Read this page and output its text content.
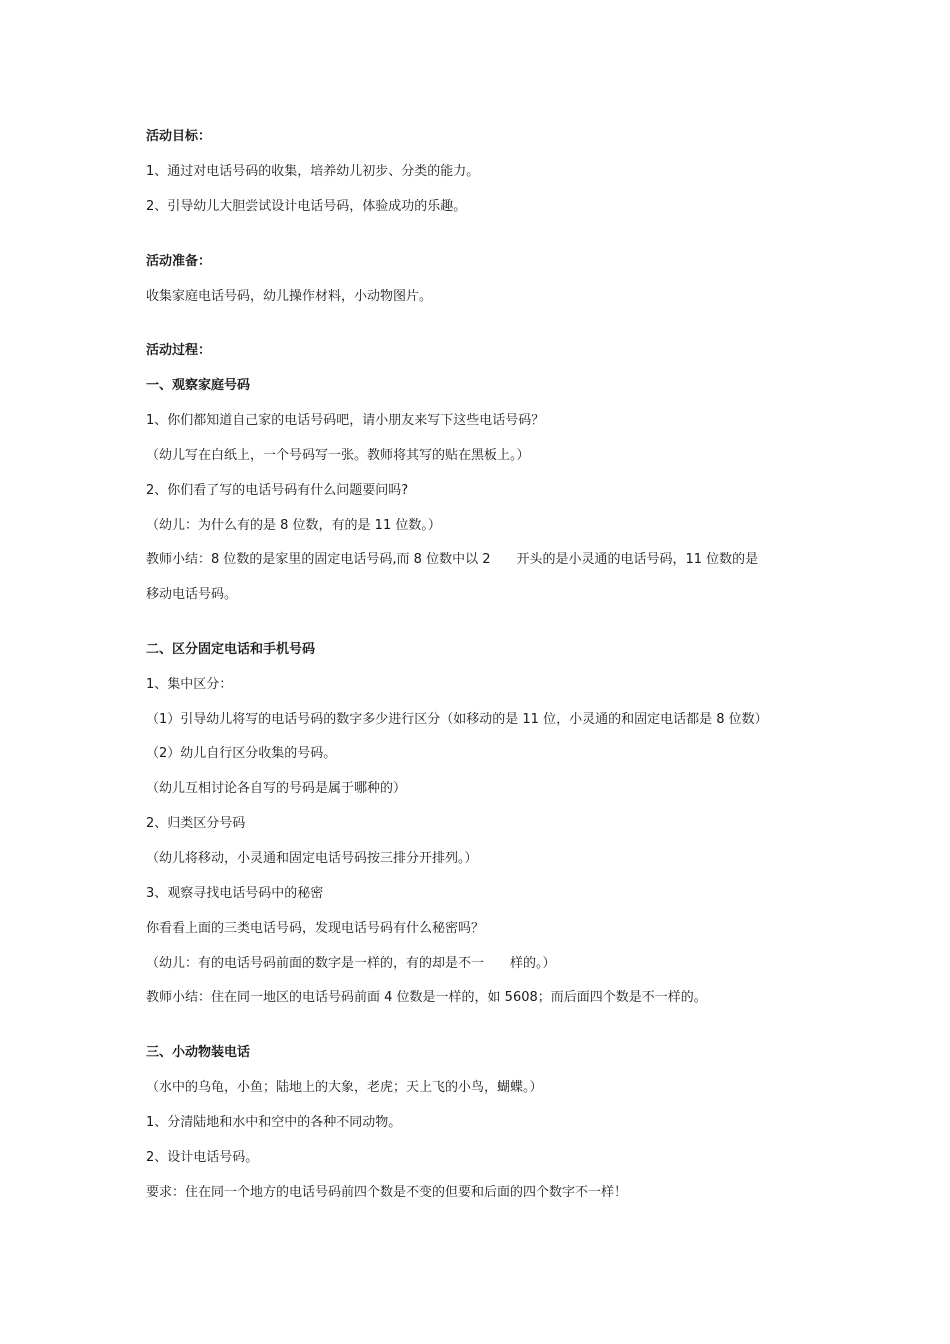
活动目标：
1、通过对电话号码的收集，培养幼儿初步、分类的能力。
2、引导幼儿大胆尝试设计电话号码，体验成功的乐趣。
活动准备：
收集家庭电话号码，幼儿操作材料，小动物图片。
活动过程：
一、观察家庭号码
1、你们都知道自己家的电话号码吧，请小朋友来写下这些电话号码？
（幼儿写在白纸上，一个号码写一张。教师将其写的贴在黑板上。）
2、你们看了写的电话号码有什么问题要问吗?
（幼儿：为什么有的是 8 位数，有的是 11 位数。）
教师小结：8 位数的是家里的固定电话号码,而 8 位数中以 2　　开头的是小灵通的电话号码，11 位数的是
移动电话号码。
二、区分固定电话和手机号码
1、集中区分：
（1）引导幼儿将写的电话号码的数字多少进行区分（如移动的是 11 位，小灵通的和固定电话都是 8 位数）
（2）幼儿自行区分收集的号码。
（幼儿互相讨论各自写的号码是属于哪种的）
2、归类区分号码
（幼儿将移动，小灵通和固定电话号码按三排分开排列。）
3、观察寻找电话号码中的秘密
你看看上面的三类电话号码，发现电话号码有什么秘密吗？
（幼儿：有的电话号码前面的数字是一样的，有的却是不一　　样的。）
教师小结：住在同一地区的电话号码前面 4 位数是一样的，如 5608；而后面四个数是不一样的。
三、小动物装电话
（水中的乌龟，小鱼；陆地上的大象，老虎；天上飞的小鸟，蝴蝶。）
1、分清陆地和水中和空中的各种不同动物。
2、设计电话号码。
要求：住在同一个地方的电话号码前四个数是不变的但要和后面的四个数字不一样！
